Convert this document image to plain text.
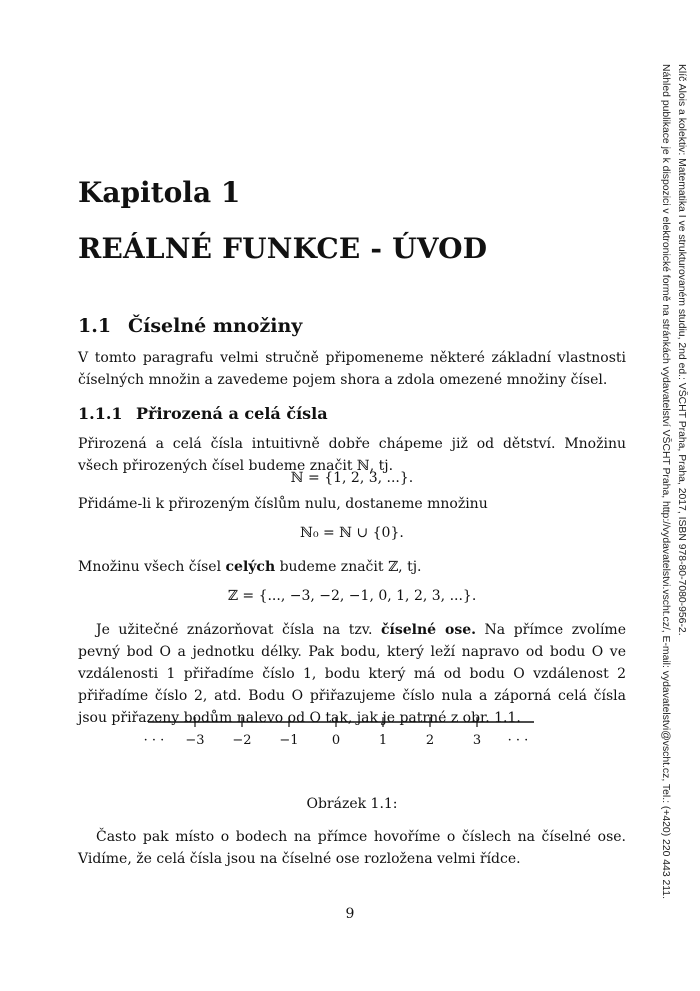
Kapitola 1
REÁLNÉ FUNKCE - ÚVOD
1.1 Číselné množiny

V tomto paragrafu velmi stručně připomeneme některé základní vlastnosti číselných množin a zavedeme pojem shora a zdola omezené množiny čísel.

1.1.1 Přirozená a celá čísla

Přirozená a celá čísla intuitivně dobře chápeme již od dětství. Množinu všech přirozených čísel budeme značit ℕ, tj.

ℕ = {1, 2, 3, ...}.

Přidáme-li k přirozeným číslům nulu, dostaneme množinu

ℕ₀ = ℕ ∪ {0}.

Množinu všech čísel celých budeme značit ℤ, tj.

ℤ = {..., −3, −2, −1, 0, 1, 2, 3, ...}.

Je užitečné znázorňovat čísla na tzv. číselné ose. Na přímce zvolíme pevný bod O a jednotku délky. Pak bodu, který leží napravo od bodu O ve vzdálenosti 1 přiřadíme číslo 1, bodu který má od bodu O vzdálenost 2 přiřadíme číslo 2, atd. Bodu O přiřazujeme číslo nula a záporná celá čísla jsou přiřazeny bodům nalevo od O tak, jak je patrné z obr. 1.1.

−3 −2 −1	0	1	2	3
· · ·	· · ·

Obrázek 1.1:

Často pak místo o bodech na přímce hovoříme o číslech na číselné ose. Vidíme, že celá čísla jsou na číselné ose rozložena velmi řídce.

9

Klíč Alois a kolektiv: Matematika I ve strukturovaném studiu, 2nd ed.: VŠCHT Praha, Praha, 2017, ISBN 978-80-7080-956-2.
Náhled publikace je k dispozici v elektronické formě na stránkách vydavatelství VŠCHT Praha, http://vydavatelstvi.vscht.cz/, E-mail: vydavatelstvi@vscht.cz, Tel.: (+420) 220 443 211.
